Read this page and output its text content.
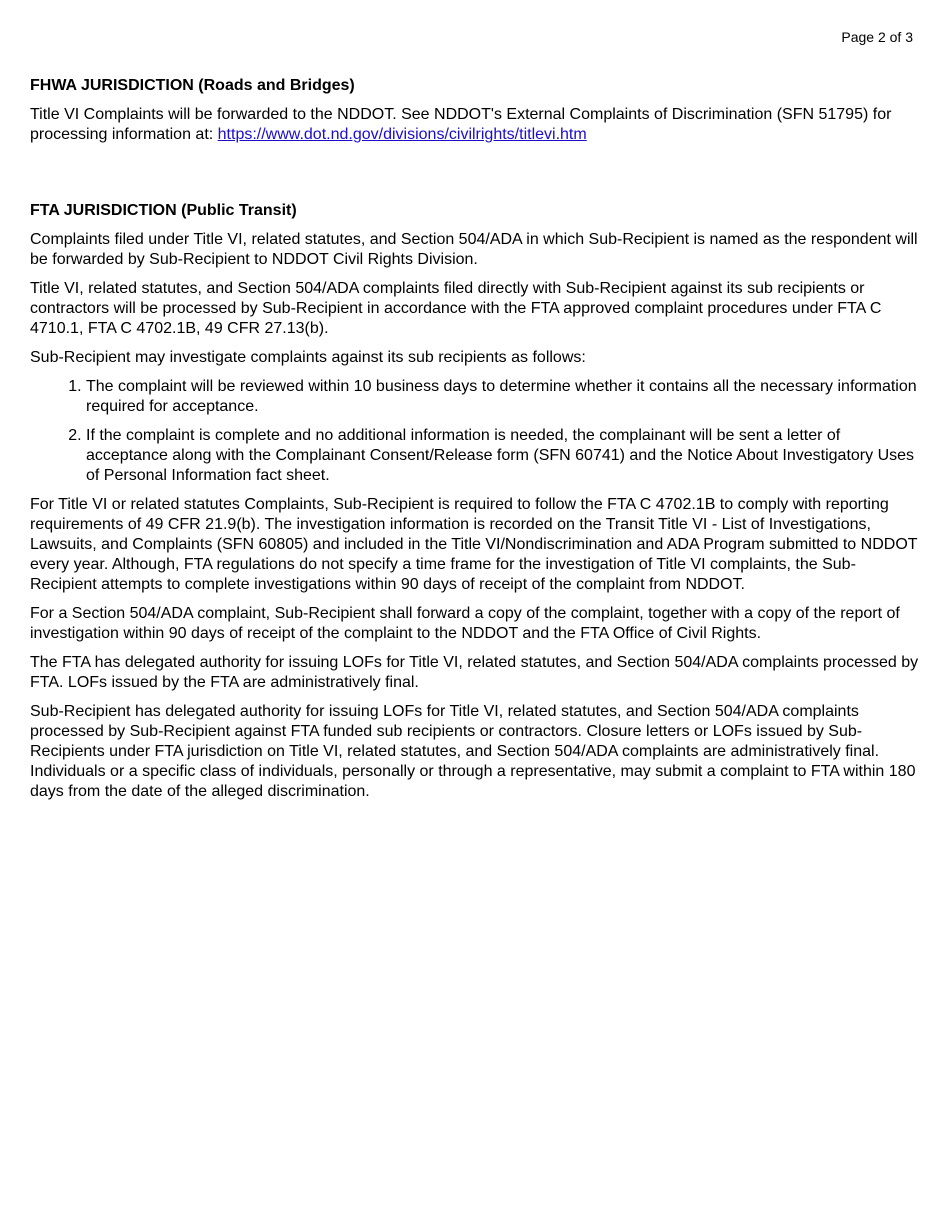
Page 2 of 3
FHWA JURISDICTION (Roads and Bridges)

Title VI Complaints will be forwarded to the NDDOT. See NDDOT's External Complaints of Discrimination (SFN 51795) for processing information at: https://www.dot.nd.gov/divisions/civilrights/titlevi.htm

FTA JURISDICTION (Public Transit)

Complaints filed under Title VI, related statutes, and Section 504/ADA in which Sub-Recipient is named as the respondent will be forwarded by Sub-Recipient to NDDOT Civil Rights Division.

Title VI, related statutes, and Section 504/ADA complaints filed directly with Sub-Recipient against its sub recipients or contractors will be processed by Sub-Recipient in accordance with the FTA approved complaint procedures under FTA C 4710.1, FTA C 4702.1B, 49 CFR 27.13(b).

Sub-Recipient may investigate complaints against its sub recipients as follows:

1. The complaint will be reviewed within 10 business days to determine whether it contains all the necessary information required for acceptance.
2. If the complaint is complete and no additional information is needed, the complainant will be sent a letter of acceptance along with the Complainant Consent/Release form (SFN 60741) and the Notice About Investigatory Uses of Personal Information fact sheet.

For Title VI or related statutes Complaints, Sub-Recipient is required to follow the FTA C 4702.1B to comply with reporting requirements of 49 CFR 21.9(b). The investigation information is recorded on the Transit Title VI - List of Investigations, Lawsuits, and Complaints (SFN 60805) and included in the Title VI/Nondiscrimination and ADA Program submitted to NDDOT every year. Although, FTA regulations do not specify a time frame for the investigation of Title VI complaints, the Sub-Recipient attempts to complete investigations within 90 days of receipt of the complaint from NDDOT.

For a Section 504/ADA complaint, Sub-Recipient shall forward a copy of the complaint, together with a copy of the report of investigation within 90 days of receipt of the complaint to the NDDOT and the FTA Office of Civil Rights.

The FTA has delegated authority for issuing LOFs for Title VI, related statutes, and Section 504/ADA complaints processed by FTA. LOFs issued by the FTA are administratively final.

Sub-Recipient has delegated authority for issuing LOFs for Title VI, related statutes, and Section 504/ADA complaints processed by Sub-Recipient against FTA funded sub recipients or contractors. Closure letters or LOFs issued by Sub-Recipients under FTA jurisdiction on Title VI, related statutes, and Section 504/ADA complaints are administratively final. Individuals or a specific class of individuals, personally or through a representative, may submit a complaint to FTA within 180 days from the date of the alleged discrimination.
